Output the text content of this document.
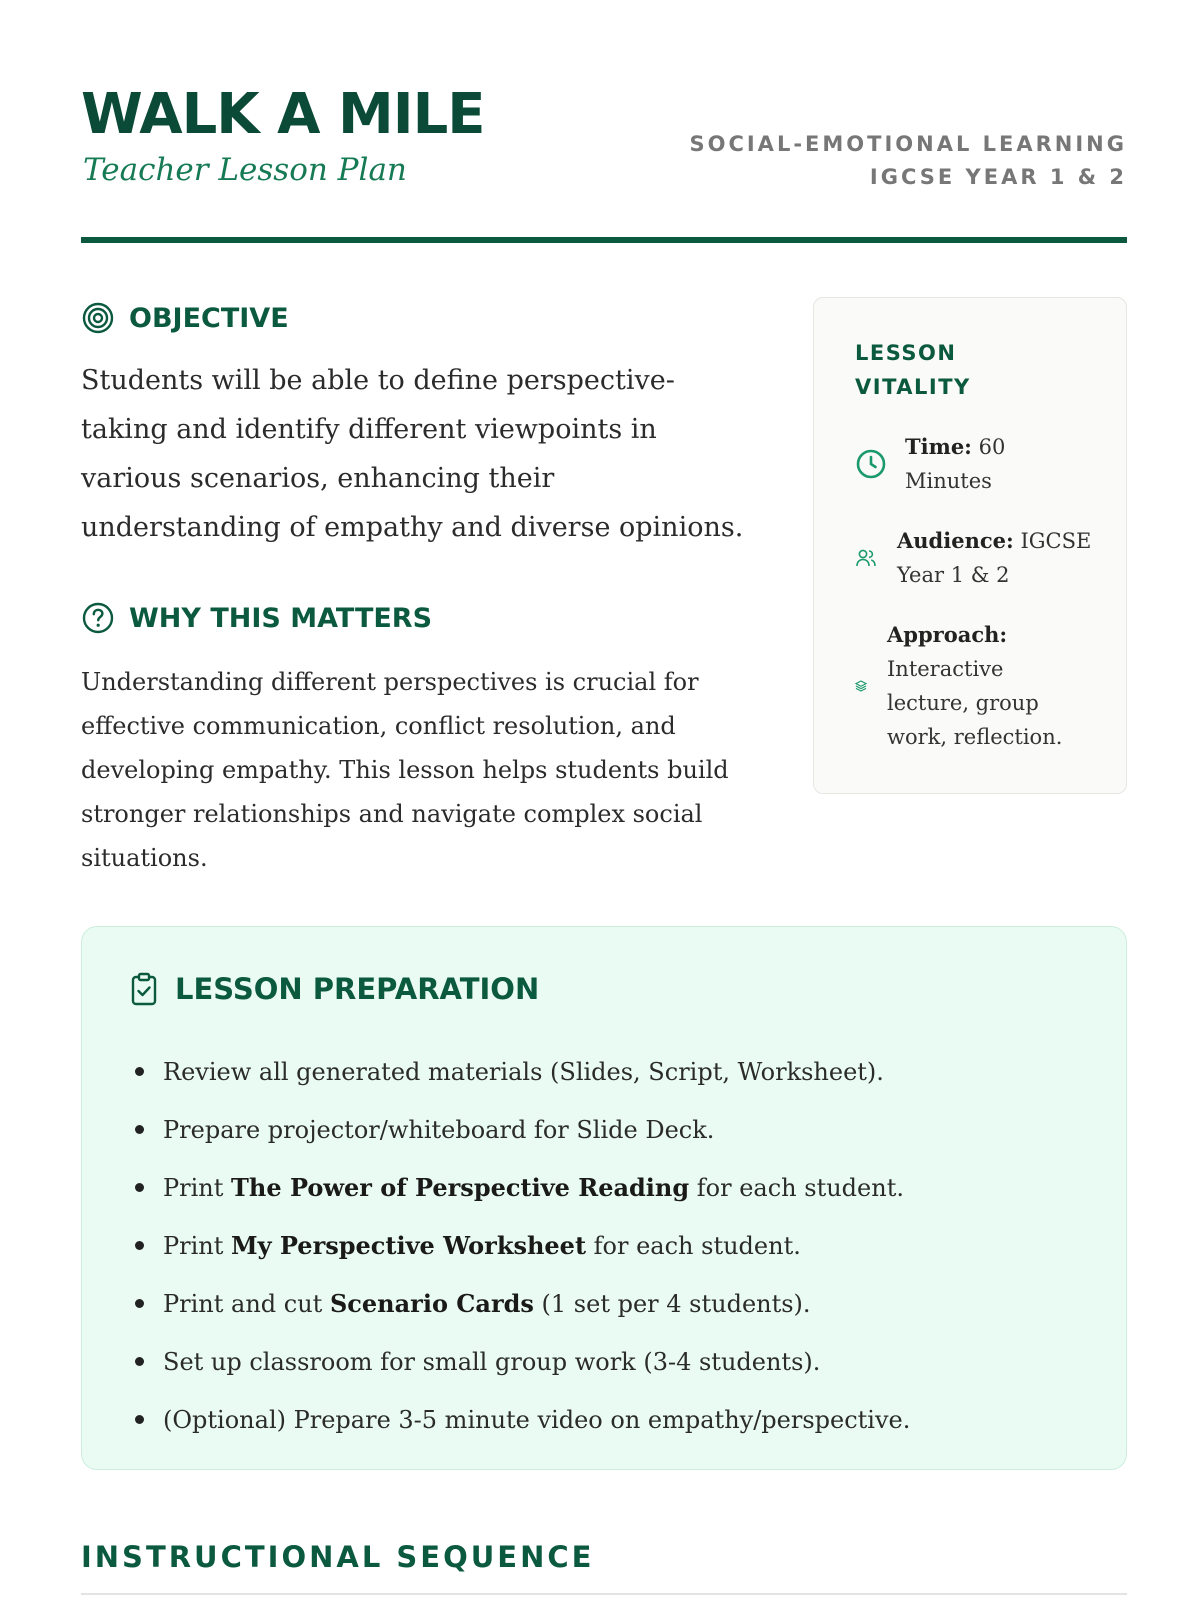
WALK A MILE
Teacher Lesson Plan
SOCIAL-EMOTIONAL LEARNING
IGCSE YEAR 1 & 2
OBJECTIVE

Students will be able to define perspective-taking and identify different viewpoints in various scenarios, enhancing their understanding of empathy and diverse opinions.

WHY THIS MATTERS

Understanding different perspectives is crucial for effective communication, conflict resolution, and developing empathy. This lesson helps students build stronger relationships and navigate complex social situations.

LESSON VITALITY
Time: 60 Minutes
Audience: IGCSE Year 1 & 2
Approach: Interactive lecture, group work, reflection.
LESSON PREPARATION
Review all generated materials (Slides, Script, Worksheet).
Prepare projector/whiteboard for Slide Deck.
Print The Power of Perspective Reading for each student.
Print My Perspective Worksheet for each student.
Print and cut Scenario Cards (1 set per 4 students).
Set up classroom for small group work (3-4 students).
(Optional) Prepare 3-5 minute video on empathy/perspective.
INSTRUCTIONAL SEQUENCE
